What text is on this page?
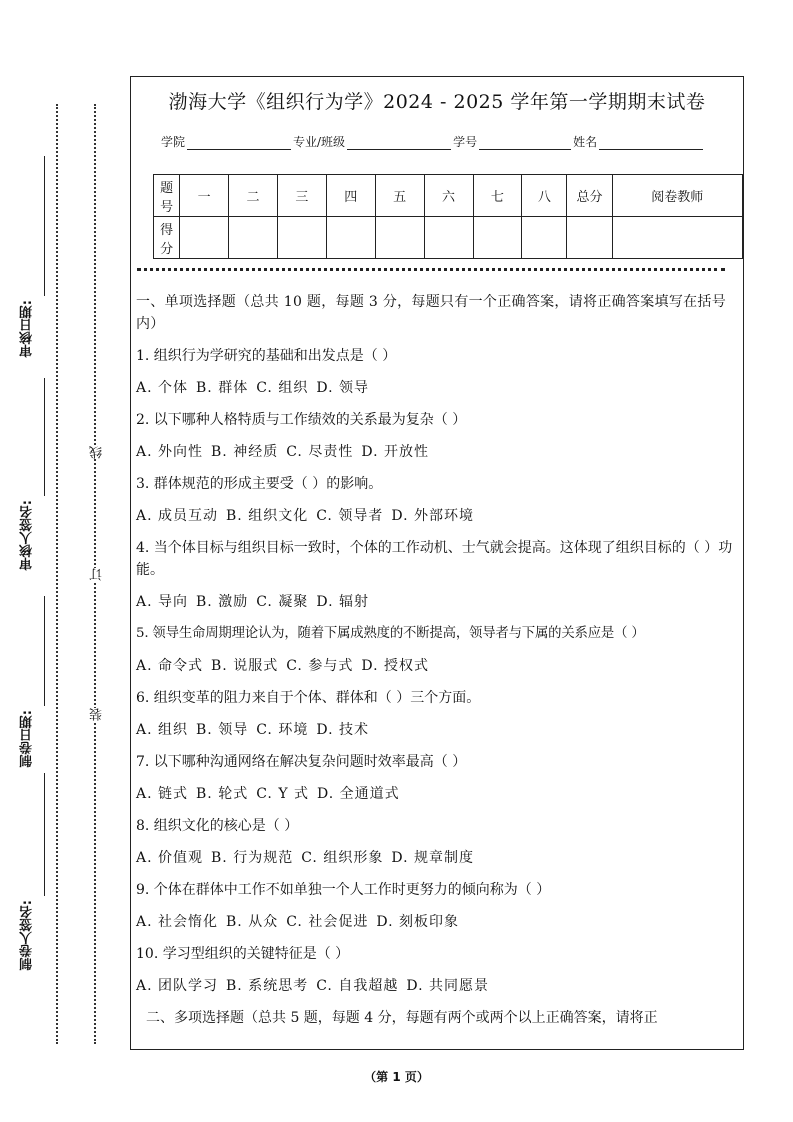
审核日期:
审核人签名:
制卷日期:
制卷人签名:
线
订
装
渤海大学《组织行为学》2024 - 2025 学年第一学期期末试卷
学院	专业/班级	学号	姓名
题号	一	二	三	四	五	六	七	八	总分	阅卷教师
得分										

一、单项选择题（总共 10 题，每题 3 分，每题只有一个正确答案，请将正确答案填写在括号内）

1. 组织行为学研究的基础和出发点是（ ）

A. 个体 B. 群体 C. 组织 D. 领导

2. 以下哪种人格特质与工作绩效的关系最为复杂（ ）

A. 外向性 B. 神经质 C. 尽责性 D. 开放性

3. 群体规范的形成主要受（ ）的影响。

A. 成员互动 B. 组织文化 C. 领导者 D. 外部环境

4. 当个体目标与组织目标一致时，个体的工作动机、士气就会提高。这体现了组织目标的（ ）功能。

A. 导向 B. 激励 C. 凝聚 D. 辐射

5. 领导生命周期理论认为，随着下属成熟度的不断提高，领导者与下属的关系应是（ ）

A. 命令式 B. 说服式 C. 参与式 D. 授权式

6. 组织变革的阻力来自于个体、群体和（ ）三个方面。

A. 组织 B. 领导 C. 环境 D. 技术

7. 以下哪种沟通网络在解决复杂问题时效率最高（ ）

A. 链式 B. 轮式 C. Y 式 D. 全通道式

8. 组织文化的核心是（ ）

A. 价值观 B. 行为规范 C. 组织形象 D. 规章制度

9. 个体在群体中工作不如单独一个人工作时更努力的倾向称为（ ）

A. 社会惰化 B. 从众 C. 社会促进 D. 刻板印象

10. 学习型组织的关键特征是（ ）

A. 团队学习 B. 系统思考 C. 自我超越 D. 共同愿景

二、多项选择题（总共 5 题，每题 4 分，每题有两个或两个以上正确答案，请将正

（第 1 页）
